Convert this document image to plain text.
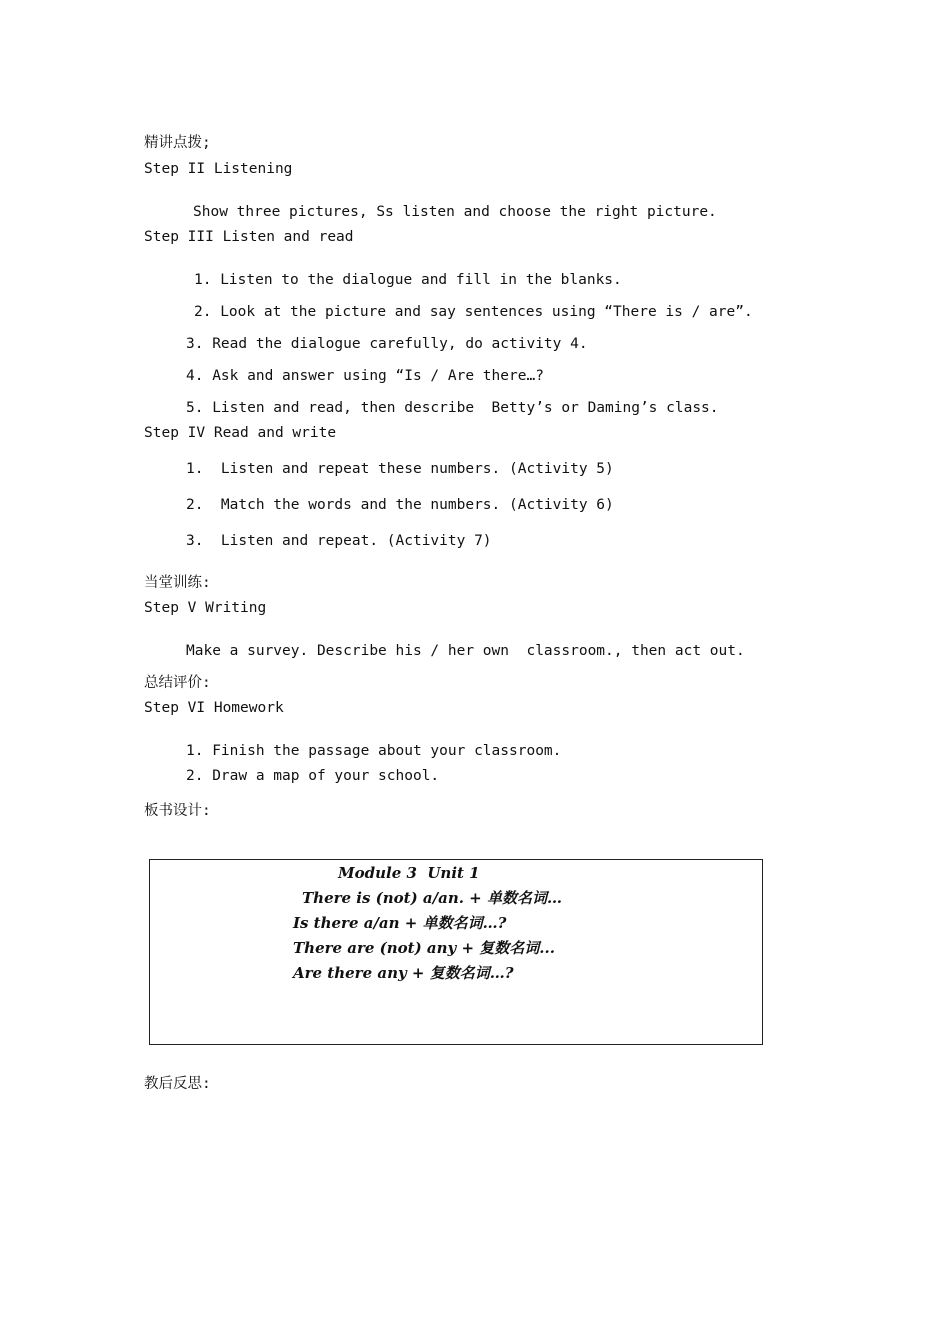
精讲点拨;
Step II Listening
Show three pictures, Ss listen and choose the right picture.
Step III Listen and read
1. Listen to the dialogue and fill in the blanks.
2. Look at the picture and say sentences using “There is / are”.
3. Read the dialogue carefully, do activity 4.
4. Ask and answer using “Is / Are there…?
5. Listen and read, then describe  Betty’s or Daming’s class.
Step IV Read and write
1.  Listen and repeat these numbers. (Activity 5)
2.  Match the words and the numbers. (Activity 6)
3.  Listen and repeat. (Activity 7)
当堂训练:
Step V Writing
Make a survey. Describe his / her own  classroom., then act out.
总结评价:
Step VI Homework
1. Finish the passage about your classroom.
2. Draw a map of your school.
板书设计:
Module 3  Unit 1
There is (not) a/an. + 单数名词…
Is there a/an + 单数名词…?
There are (not) any + 复数名词...
Are there any + 复数名词…?
教后反思:
